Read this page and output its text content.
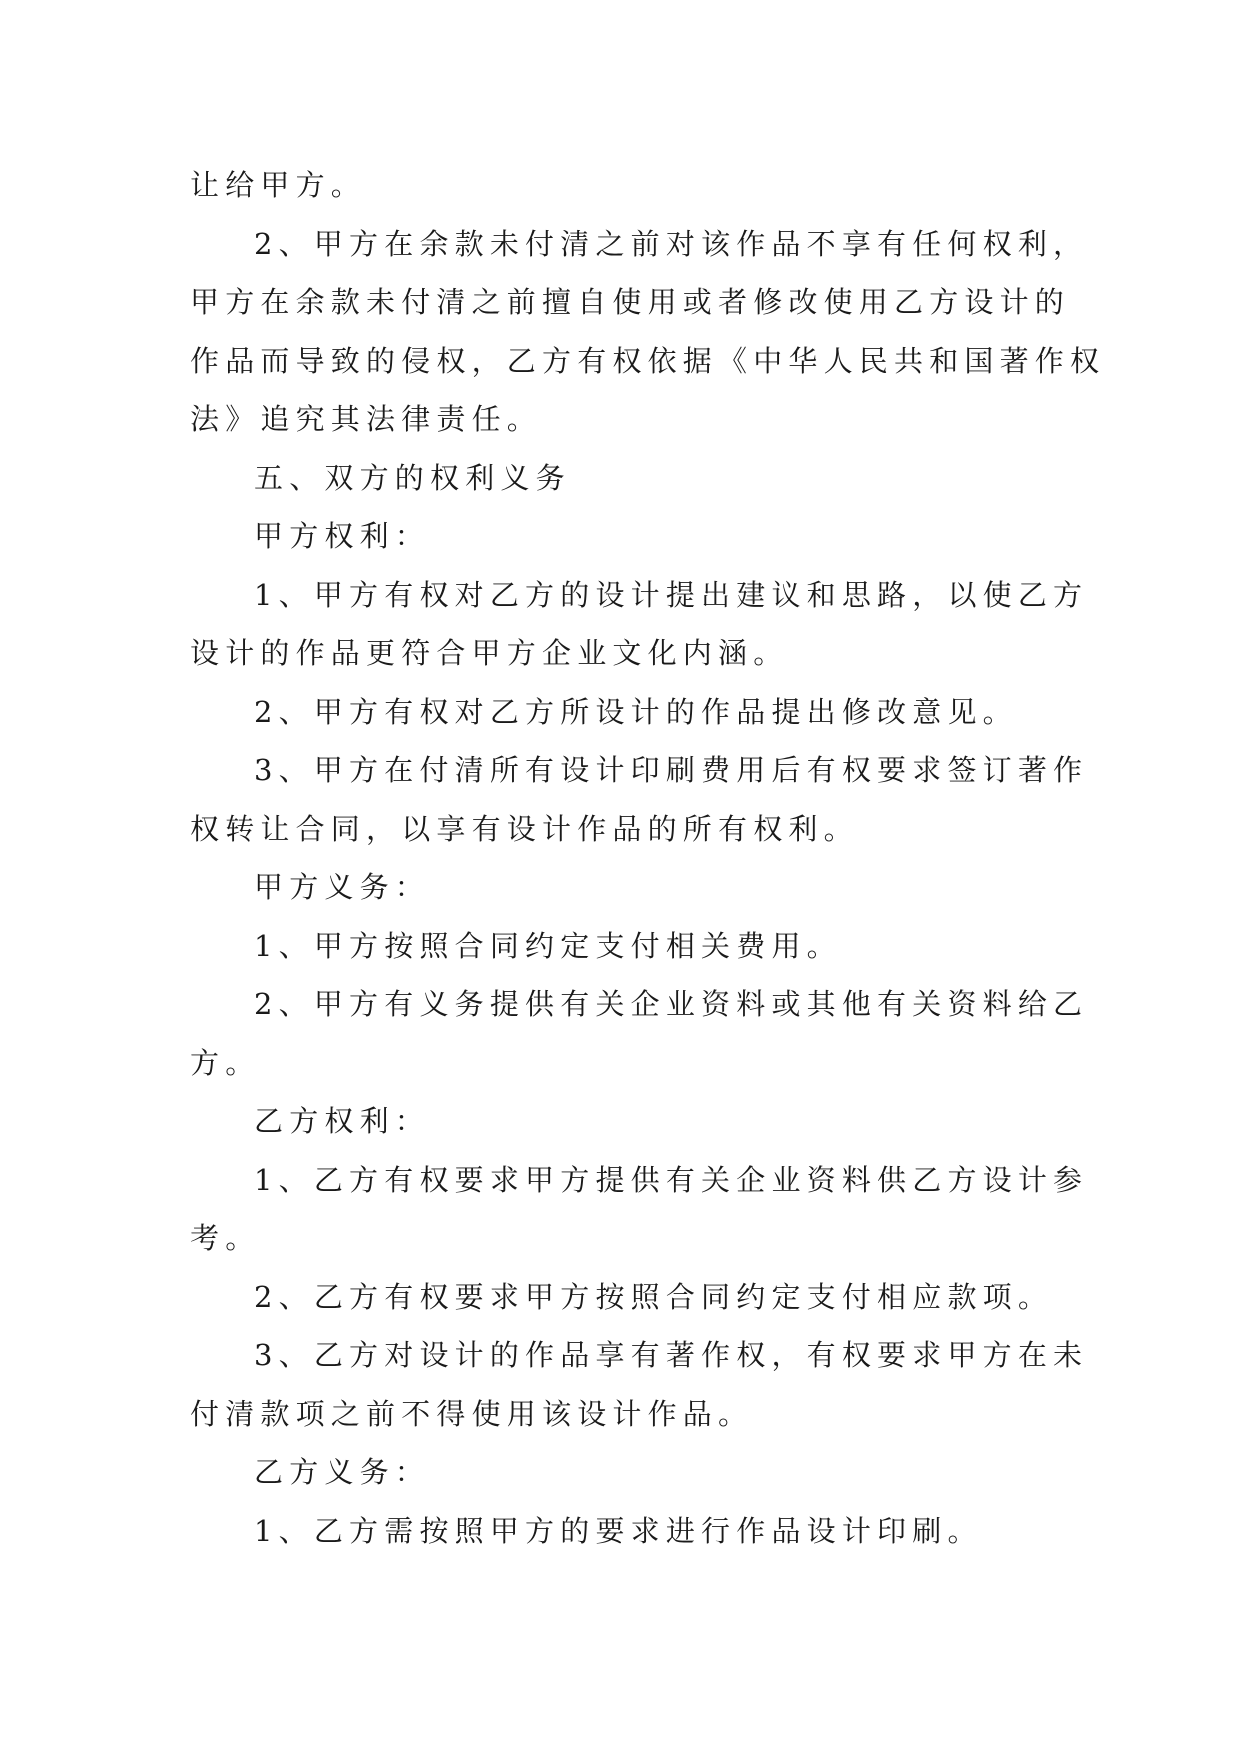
让给甲方。

2、甲方在余款未付清之前对该作品不享有任何权利，

甲方在余款未付清之前擅自使用或者修改使用乙方设计的

作品而导致的侵权，乙方有权依据《中华人民共和国著作权

法》追究其法律责任。

五、双方的权利义务

甲方权利：

1、甲方有权对乙方的设计提出建议和思路，以使乙方

设计的作品更符合甲方企业文化内涵。

2、甲方有权对乙方所设计的作品提出修改意见。

3、甲方在付清所有设计印刷费用后有权要求签订著作

权转让合同，以享有设计作品的所有权利。

甲方义务：

1、甲方按照合同约定支付相关费用。

2、甲方有义务提供有关企业资料或其他有关资料给乙

方。

乙方权利：

1、乙方有权要求甲方提供有关企业资料供乙方设计参

考。

2、乙方有权要求甲方按照合同约定支付相应款项。

3、乙方对设计的作品享有著作权，有权要求甲方在未

付清款项之前不得使用该设计作品。

乙方义务：

1、乙方需按照甲方的要求进行作品设计印刷。
